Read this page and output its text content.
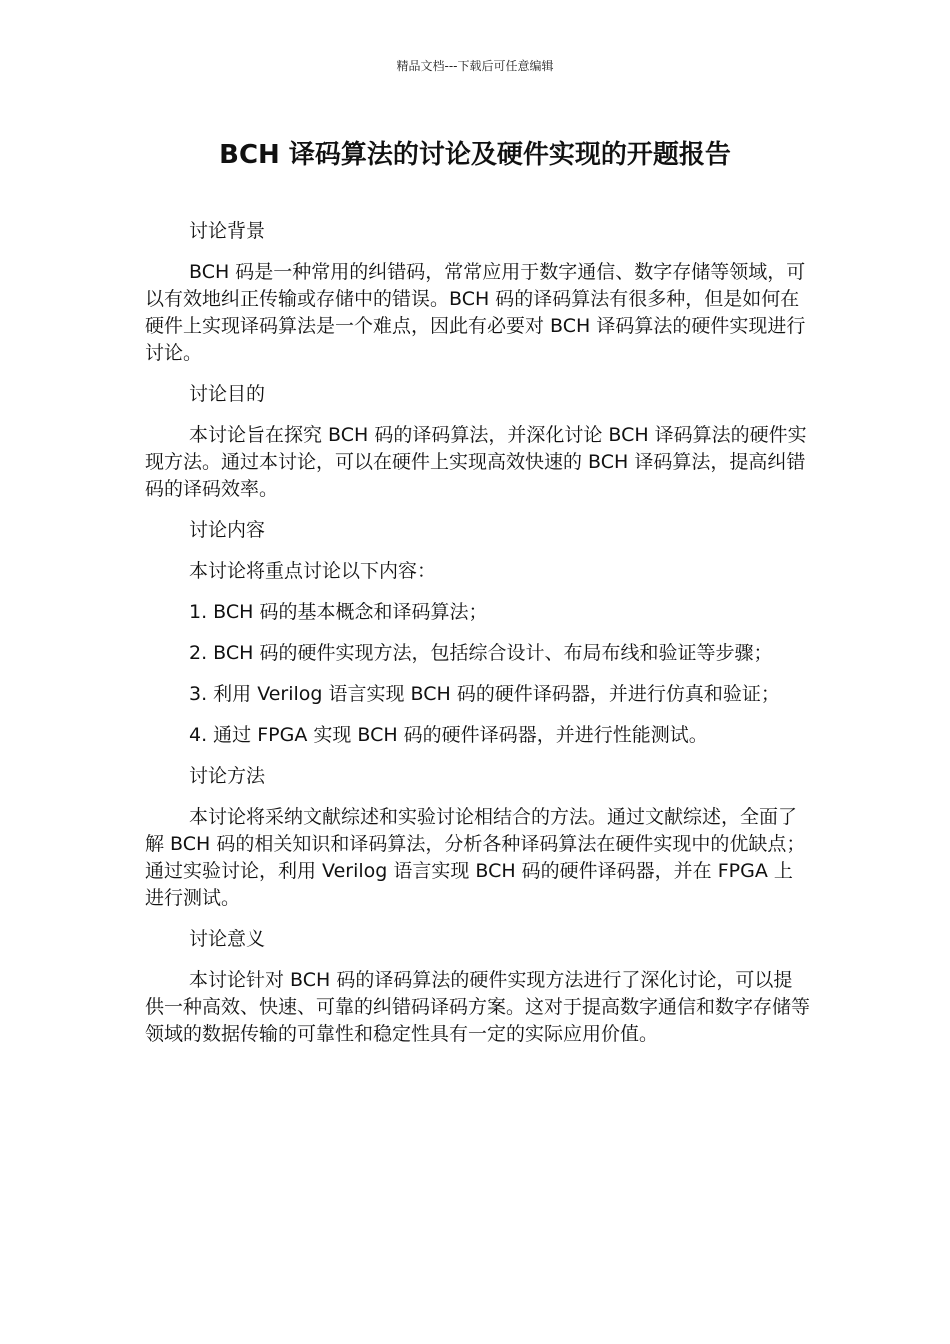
精品文档---下载后可任意编辑
BCH 译码算法的讨论及硬件实现的开题报告

讨论背景

BCH 码是一种常用的纠错码，常常应用于数字通信、数字存储等领域，可以有效地纠正传输或存储中的错误。BCH 码的译码算法有很多种，但是如何在硬件上实现译码算法是一个难点，因此有必要对 BCH 译码算法的硬件实现进行讨论。

讨论目的

本讨论旨在探究 BCH 码的译码算法，并深化讨论 BCH 译码算法的硬件实现方法。通过本讨论，可以在硬件上实现高效快速的 BCH 译码算法，提高纠错码的译码效率。

讨论内容

本讨论将重点讨论以下内容：

1. BCH 码的基本概念和译码算法；

2. BCH 码的硬件实现方法，包括综合设计、布局布线和验证等步骤；

3. 利用 Verilog 语言实现 BCH 码的硬件译码器，并进行仿真和验证；

4. 通过 FPGA 实现 BCH 码的硬件译码器，并进行性能测试。

讨论方法

本讨论将采纳文献综述和实验讨论相结合的方法。通过文献综述，全面了解 BCH 码的相关知识和译码算法，分析各种译码算法在硬件实现中的优缺点；通过实验讨论，利用 Verilog 语言实现 BCH 码的硬件译码器，并在 FPGA 上进行测试。

讨论意义

本讨论针对 BCH 码的译码算法的硬件实现方法进行了深化讨论，可以提供一种高效、快速、可靠的纠错码译码方案。这对于提高数字通信和数字存储等领域的数据传输的可靠性和稳定性具有一定的实际应用价值。
